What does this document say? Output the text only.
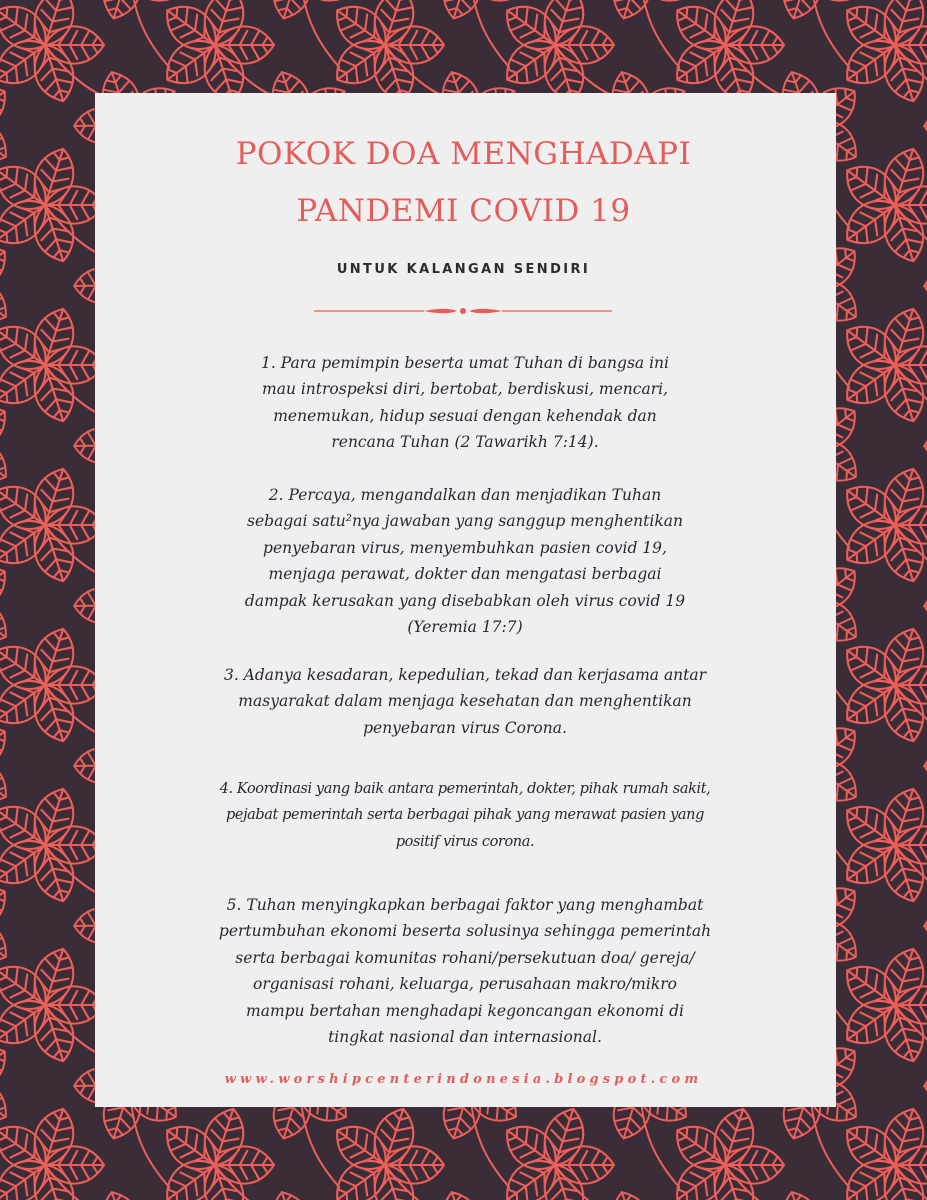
POKOK DOA MENGHADAPI
PANDEMI COVID 19
UNTUK KALANGAN SENDIRI

1. Para pemimpin beserta umat Tuhan di bangsa ini
mau introspeksi diri, bertobat, berdiskusi, mencari,
menemukan, hidup sesuai dengan kehendak dan
rencana Tuhan (2 Tawarikh 7:14).

2. Percaya, mengandalkan dan menjadikan Tuhan
sebagai satu²nya jawaban yang sanggup menghentikan
penyebaran virus, menyembuhkan pasien covid 19,
menjaga perawat, dokter dan mengatasi berbagai
dampak kerusakan yang disebabkan oleh virus covid 19
(Yeremia 17:7)

3. Adanya kesadaran, kepedulian, tekad dan kerjasama antar
masyarakat dalam menjaga kesehatan dan menghentikan
penyebaran virus Corona.

4. Koordinasi yang baik antara pemerintah, dokter, pihak rumah sakit,
pejabat pemerintah serta berbagai pihak yang merawat pasien yang
positif virus corona.

5. Tuhan menyingkapkan berbagai faktor yang menghambat
pertumbuhan ekonomi beserta solusinya sehingga pemerintah
serta berbagai komunitas rohani/persekutuan doa/ gereja/
organisasi rohani, keluarga, perusahaan makro/mikro
mampu bertahan menghadapi kegoncangan ekonomi di
tingkat nasional dan internasional.

www.worshipcenterindonesia.blogspot.com
